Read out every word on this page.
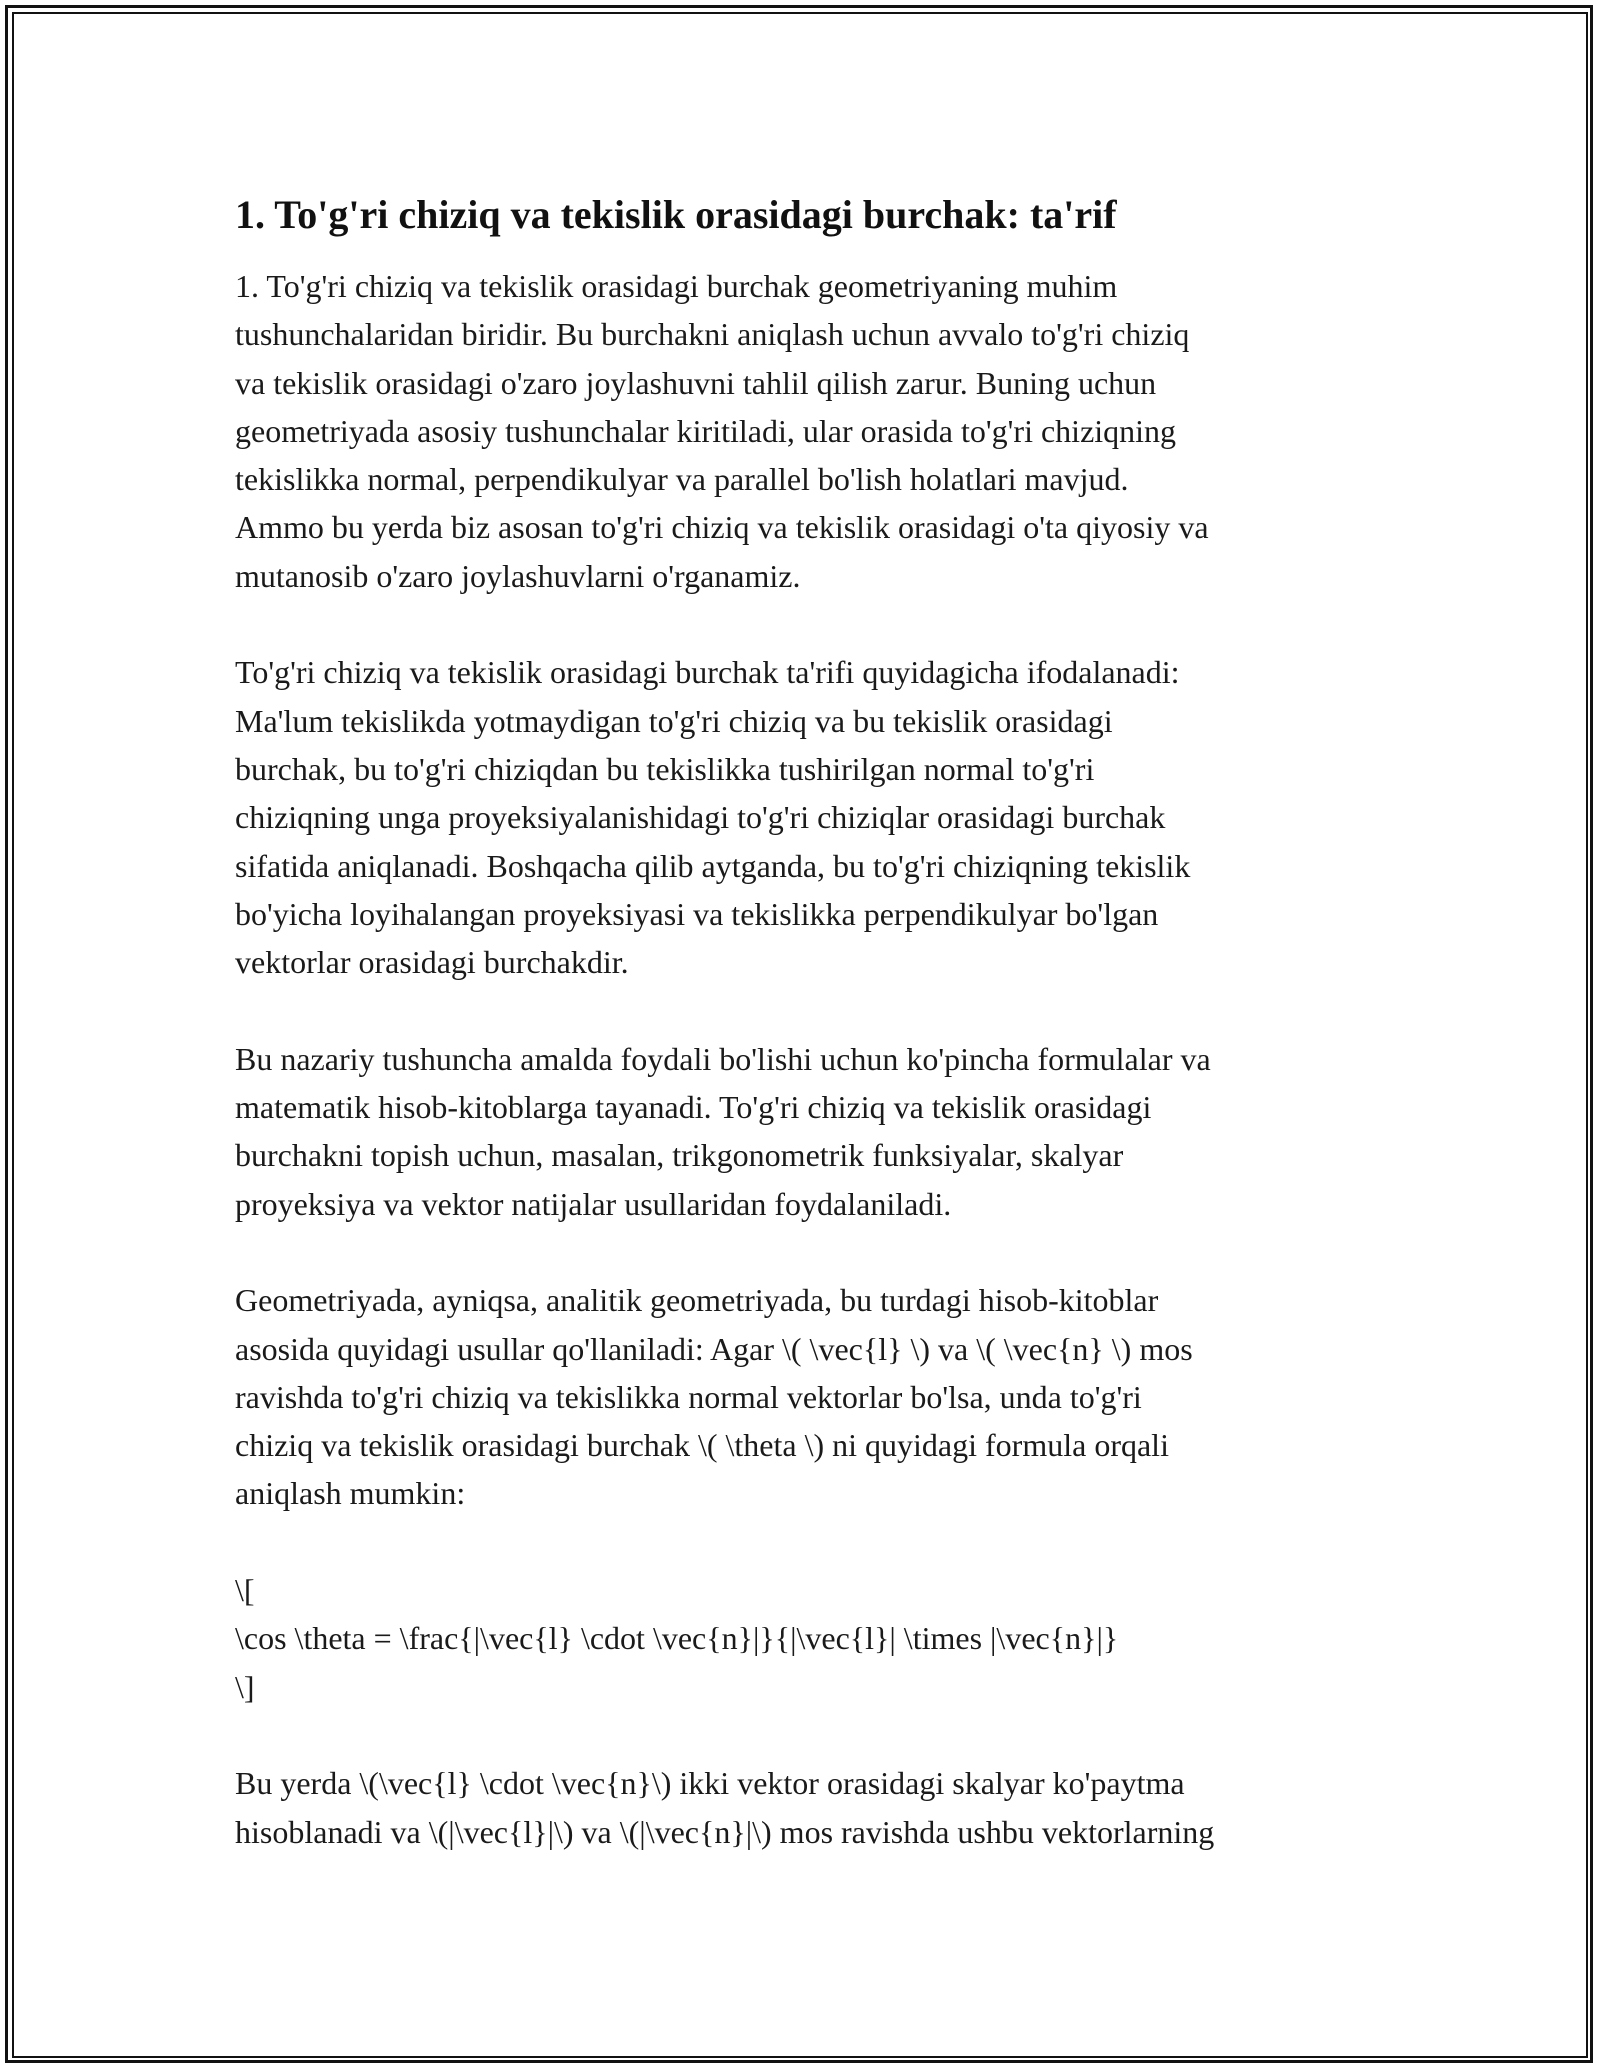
1. To'g'ri chiziq va tekislik orasidagi burchak: ta'rif
1. To'g'ri chiziq va tekislik orasidagi burchak geometriyaning muhim
tushunchalaridan biridir. Bu burchakni aniqlash uchun avvalo to'g'ri chiziq
va tekislik orasidagi o'zaro joylashuvni tahlil qilish zarur. Buning uchun
geometriyada asosiy tushunchalar kiritiladi, ular orasida to'g'ri chiziqning
tekislikka normal, perpendikulyar va parallel bo'lish holatlari mavjud.
Ammo bu yerda biz asosan to'g'ri chiziq va tekislik orasidagi o'ta qiyosiy va
mutanosib o'zaro joylashuvlarni o'rganamiz.
To'g'ri chiziq va tekislik orasidagi burchak ta'rifi quyidagicha ifodalanadi:
Ma'lum tekislikda yotmaydigan to'g'ri chiziq va bu tekislik orasidagi
burchak, bu to'g'ri chiziqdan bu tekislikka tushirilgan normal to'g'ri
chiziqning unga proyeksiyalanishidagi to'g'ri chiziqlar orasidagi burchak
sifatida aniqlanadi. Boshqacha qilib aytganda, bu to'g'ri chiziqning tekislik
bo'yicha loyihalangan proyeksiyasi va tekislikka perpendikulyar bo'lgan
vektorlar orasidagi burchakdir.
Bu nazariy tushuncha amalda foydali bo'lishi uchun ko'pincha formulalar va
matematik hisob-kitoblarga tayanadi. To'g'ri chiziq va tekislik orasidagi
burchakni topish uchun, masalan, trikgonometrik funksiyalar, skalyar
proyeksiya va vektor natijalar usullaridan foydalaniladi.
Geometriyada, ayniqsa, analitik geometriyada, bu turdagi hisob-kitoblar
asosida quyidagi usullar qo'llaniladi: Agar \( \vec{l} \) va \( \vec{n} \) mos
ravishda to'g'ri chiziq va tekislikka normal vektorlar bo'lsa, unda to'g'ri
chiziq va tekislik orasidagi burchak \( \theta \) ni quyidagi formula orqali
aniqlash mumkin:
\[
\cos \theta = \frac{|\vec{l} \cdot \vec{n}|}{|\vec{l}| \times |\vec{n}|}
\]
Bu yerda \(\vec{l} \cdot \vec{n}\) ikki vektor orasidagi skalyar ko'paytma
hisoblanadi va \(|\vec{l}|\) va \(|\vec{n}|\) mos ravishda ushbu vektorlarning
